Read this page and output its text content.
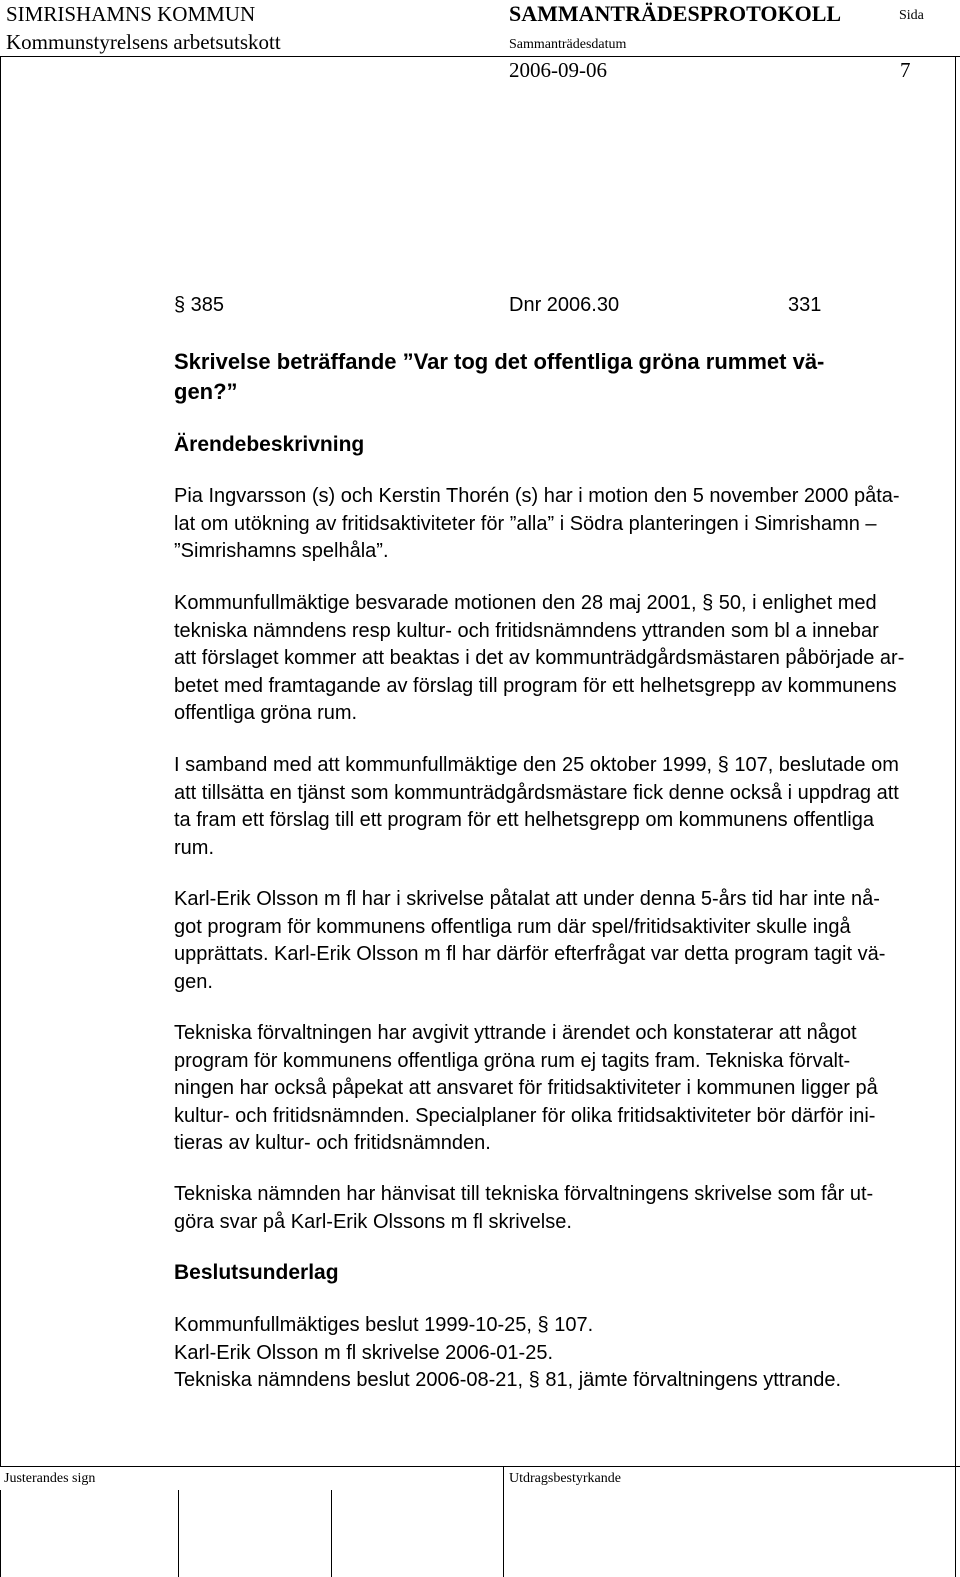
SIMRISHAMNS KOMMUN
Kommunstyrelsens arbetsutskott
SAMMANTRÄDESPROTOKOLL	Sida
Sammanträdesdatum
2006-09-06	7
§ 385	Dnr 2006.30	331
Skrivelse beträffande ”Var tog det offentliga gröna rummet vä-
gen?”
Ärendebeskrivning
Pia Ingvarsson (s) och Kerstin Thorén (s) har i motion den 5 november 2000 påta-
lat om utökning av fritidsaktiviteter för ”alla” i Södra planteringen i Simrishamn –
”Simrishamns spelhåla”.
Kommunfullmäktige besvarade motionen den 28 maj 2001, § 50, i enlighet med
tekniska nämndens resp kultur- och fritidsnämndens yttranden som bl a innebar
att förslaget kommer att beaktas i det av kommunträdgårdsmästaren påbörjade ar-
betet med framtagande av förslag till program för ett helhetsgrepp av kommunens
offentliga gröna rum.
I samband med att kommunfullmäktige den 25 oktober 1999, § 107, beslutade om
att tillsätta en tjänst som kommunträdgårdsmästare fick denne också i uppdrag att
ta fram ett förslag till ett program för ett helhetsgrepp om kommunens offentliga
rum.
Karl-Erik Olsson m fl har i skrivelse påtalat att under denna 5-års tid har inte nå-
got program för kommunens offentliga rum där spel/fritidsaktiviter skulle ingå
upprättats. Karl-Erik Olsson m fl har därför efterfrågat var detta program tagit vä-
gen.
Tekniska förvaltningen har avgivit yttrande i ärendet och konstaterar att något
program för kommunens offentliga gröna rum ej tagits fram. Tekniska förvalt-
ningen har också påpekat att ansvaret för fritidsaktiviteter i kommunen ligger på
kultur- och fritidsnämnden. Specialplaner för olika fritidsaktiviteter bör därför ini-
tieras av kultur- och fritidsnämnden.
Tekniska nämnden har hänvisat till tekniska förvaltningens skrivelse som får ut-
göra svar på Karl-Erik Olssons m fl skrivelse.
Beslutsunderlag
Kommunfullmäktiges beslut 1999-10-25, § 107.
Karl-Erik Olsson m fl skrivelse 2006-01-25.
Tekniska nämndens beslut 2006-08-21, § 81, jämte förvaltningens yttrande.
Justerandes sign	Utdragsbestyrkande
